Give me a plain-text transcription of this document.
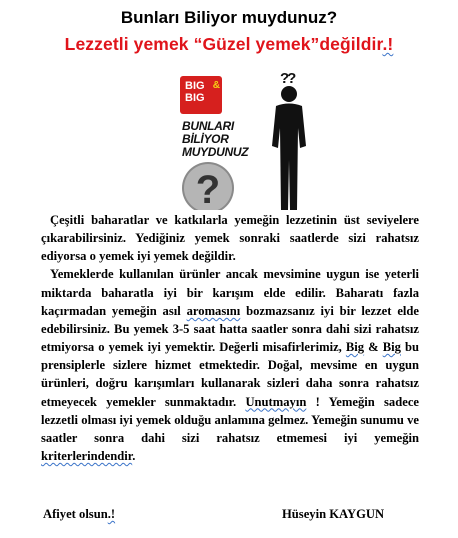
Bunları Biliyor muydunuz?
Lezzetli yemek “Güzel yemek”değildir.!
BIG &
BIG
BUNLARI
BİLİYOR MUYDUNUZ
?
??

Çeşitli baharatlar ve katkılarla yemeğin lezzetinin üst seviyelere çıkarabilirsiniz. Yediğiniz yemek sonraki saatlerde sizi rahatsız ediyorsa o yemek iyi yemek değildir.

Yemeklerde kullanılan ürünler ancak mevsimine uygun ise yeterli miktarda baharatla iyi bir karışım elde edilir. Baharatı fazla kaçırmadan yemeğin asıl aromasını bozmazsanız iyi bir lezzet elde edebilirsiniz. Bu yemek 3-5 saat hatta saatler sonra dahi sizi rahatsız etmiyorsa o yemek iyi yemektir. Değerli misafirlerimiz, Big & Big bu prensiplerle sizlere hizmet etmektedir. Doğal, mevsime en uygun ürünleri, doğru karışımları kullanarak sizleri daha sonra rahatsız etmeyecek yemekler sunmaktadır. Unutmayın ! Yemeğin sadece lezzetli olması iyi yemek olduğu anlamına gelmez. Yemeğin sunumu ve saatler sonra dahi sizi rahatsız etmemesi iyi yemeğin kriterlerindendir.

Afiyet olsun.!	Hüseyin KAYGUN
